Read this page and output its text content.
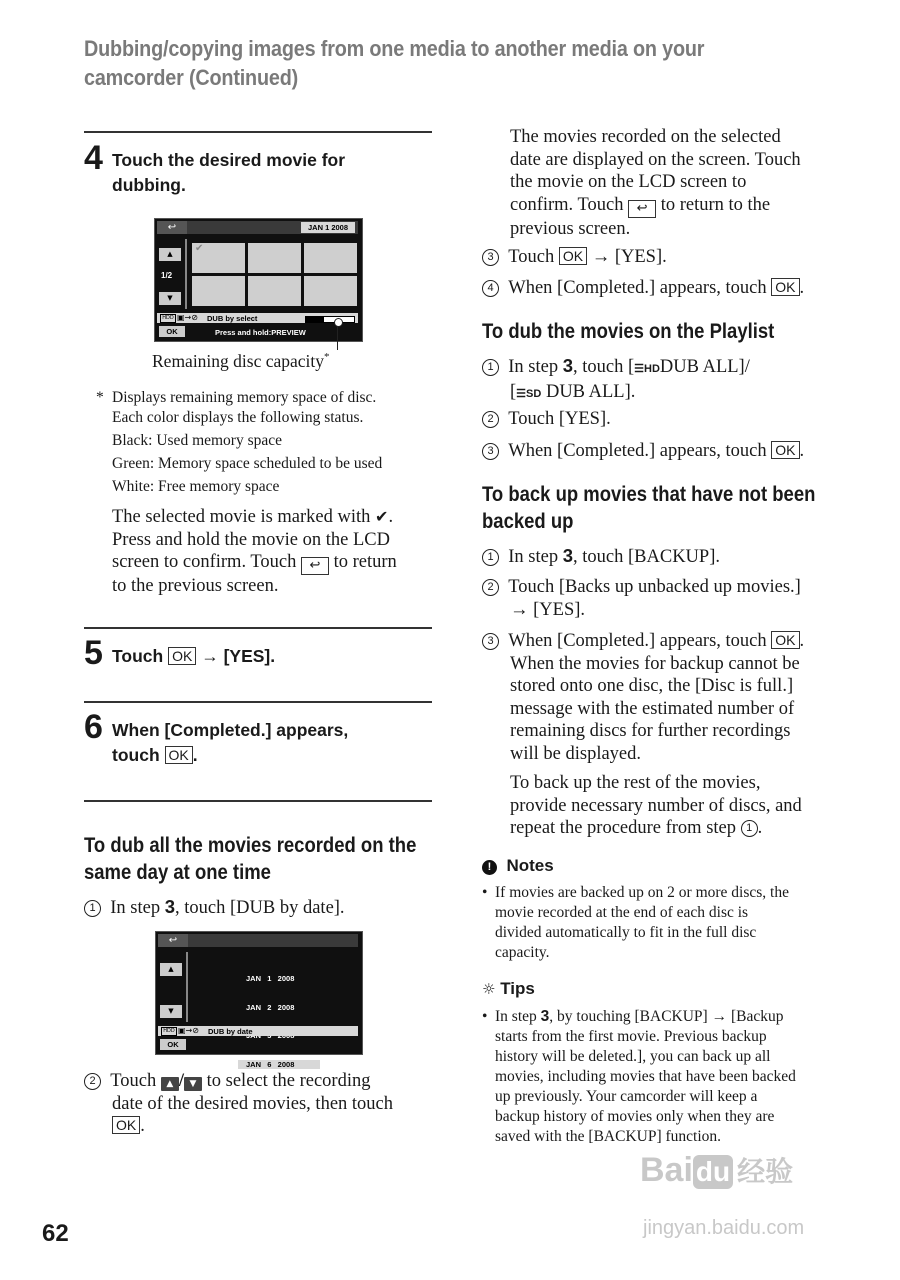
Dubbing/copying images from one media to another media on your
camcorder (Continued)
4 Touch the desired movie for
dubbing.
↩	JAN 1 2008
▲
1/2
▼
✔
HDD ▣→⊘ DUB by select
OK	Press and hold:PREVIEW
Remaining disc capacity*
* Displays remaining memory space of disc.
Each color displays the following status.
Black: Used memory space
Green: Memory space scheduled to be used
White: Free memory space
The selected movie is marked with ✔.
Press and hold the movie on the LCD
screen to confirm. Touch ↩ to return
to the previous screen.
5 Touch OK → [YES].
6 When [Completed.] appears,
touch OK .
To dub all the movies recorded on the
same day at one time
1 In step 3, touch [DUB by date].
↩
▲
▼

JAN   1   2008

JAN   2   2008

JAN   6   2008

HDD ▣→⊘ DUB by date
OK
2 Touch ▲ / ▼ to select the recording
date of the desired movies, then touch
OK .
The movies recorded on the selected
date are displayed on the screen. Touch
the movie on the LCD screen to
confirm. Touch ↩ to return to the
previous screen.
3 Touch OK → [YES].
4 When [Completed.] appears, touch OK .
To dub the movies on the Playlist
1 In step 3, touch [☰HDDUB ALL]/
[☰SD DUB ALL].
2 Touch [YES].
3 When [Completed.] appears, touch OK .
To back up movies that have not been
backed up
1 In step 3, touch [BACKUP].
2 Touch [Backs up unbacked up movies.]
→ [YES].
3 When [Completed.] appears, touch OK .
When the movies for backup cannot be
stored onto one disc, the [Disc is full.]
message with the estimated number of
remaining discs for further recordings
will be displayed.
To back up the rest of the movies,
provide necessary number of discs, and
repeat the procedure from step 1 .
! Notes
• If movies are backed up on 2 or more discs, the
movie recorded at the end of each disc is
divided automatically to fit in the full disc
capacity.
☼ Tips
• In step 3, by touching [BACKUP] → [Backup
starts from the first movie. Previous backup
history will be deleted.], you can back up all
movies, including movies that have been backed
up previously. Your camcorder will keep a
backup history of movies only when they are
saved with the [BACKUP] function.
62
Bai du 经验
jingyan.baidu.com
